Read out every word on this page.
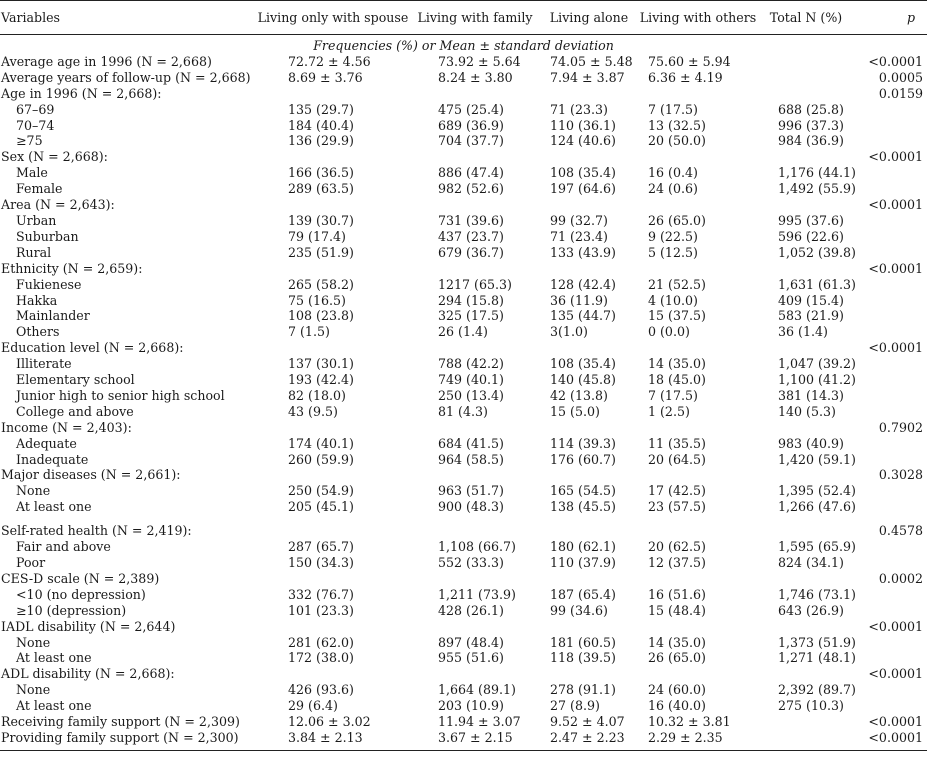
Variables	Living only with spouse	Living with family	Living alone	Living with others	Total N (%)	p
Frequencies (%) or Mean ± standard deviation						
Average age in 1996 (N = 2,668)	72.72 ± 4.56	73.92 ± 5.64	74.05 ± 5.48	75.60 ± 5.94		<0.0001
Average years of follow-up (N = 2,668)	8.69 ± 3.76	8.24 ± 3.80	7.94 ± 3.87	6.36 ± 4.19		0.0005
Age in 1996 (N = 2,668):						0.0159
67–69	135 (29.7)	475 (25.4)	71 (23.3)	7 (17.5)	688 (25.8)	
70–74	184 (40.4)	689 (36.9)	110 (36.1)	13 (32.5)	996 (37.3)	
≥75	136 (29.9)	704 (37.7)	124 (40.6)	20 (50.0)	984 (36.9)	
Sex (N = 2,668):						<0.0001
Male	166 (36.5)	886 (47.4)	108 (35.4)	16 (0.4)	1,176 (44.1)	
Female	289 (63.5)	982 (52.6)	197 (64.6)	24 (0.6)	1,492 (55.9)	
Area (N = 2,643):						<0.0001
Urban	139 (30.7)	731 (39.6)	99 (32.7)	26 (65.0)	995 (37.6)	
Suburban	79 (17.4)	437 (23.7)	71 (23.4)	9 (22.5)	596 (22.6)	
Rural	235 (51.9)	679 (36.7)	133 (43.9)	5 (12.5)	1,052 (39.8)	
Ethnicity (N = 2,659):						<0.0001
Fukienese	265 (58.2)	1217 (65.3)	128 (42.4)	21 (52.5)	1,631 (61.3)	
Hakka	75 (16.5)	294 (15.8)	36 (11.9)	4 (10.0)	409 (15.4)	
Mainlander	108 (23.8)	325 (17.5)	135 (44.7)	15 (37.5)	583 (21.9)	
Others	7 (1.5)	26 (1.4)	3(1.0)	0 (0.0)	36 (1.4)	
Education level (N = 2,668):						<0.0001
Illiterate	137 (30.1)	788 (42.2)	108 (35.4)	14 (35.0)	1,047 (39.2)	
Elementary school	193 (42.4)	749 (40.1)	140 (45.8)	18 (45.0)	1,100 (41.2)	
Junior high to senior high school	82 (18.0)	250 (13.4)	42 (13.8)	7 (17.5)	381 (14.3)	
College and above	43 (9.5)	81 (4.3)	15 (5.0)	1 (2.5)	140 (5.3)	
Income (N = 2,403):						0.7902
Adequate	174 (40.1)	684 (41.5)	114 (39.3)	11 (35.5)	983 (40.9)	
Inadequate	260 (59.9)	964 (58.5)	176 (60.7)	20 (64.5)	1,420 (59.1)	
Major diseases (N = 2,661):						0.3028
None	250 (54.9)	963 (51.7)	165 (54.5)	17 (42.5)	1,395 (52.4)	
At least one	205 (45.1)	900 (48.3)	138 (45.5)	23 (57.5)	1,266 (47.6)	
Self-rated health (N = 2,419):						0.4578
Fair and above	287 (65.7)	1,108 (66.7)	180 (62.1)	20 (62.5)	1,595 (65.9)	
Poor	150 (34.3)	552 (33.3)	110 (37.9)	12 (37.5)	824 (34.1)	
CES-D scale (N = 2,389)						0.0002
<10 (no depression)	332 (76.7)	1,211 (73.9)	187 (65.4)	16 (51.6)	1,746 (73.1)	
≥10 (depression)	101 (23.3)	428 (26.1)	99 (34.6)	15 (48.4)	643 (26.9)	
IADL disability (N = 2,644)						<0.0001
None	281 (62.0)	897 (48.4)	181 (60.5)	14 (35.0)	1,373 (51.9)	
At least one	172 (38.0)	955 (51.6)	118 (39.5)	26 (65.0)	1,271 (48.1)	
ADL disability (N = 2,668):						<0.0001
None	426 (93.6)	1,664 (89.1)	278 (91.1)	24 (60.0)	2,392 (89.7)	
At least one	29 (6.4)	203 (10.9)	27 (8.9)	16 (40.0)	275 (10.3)	
Receiving family support (N = 2,309)	12.06 ± 3.02	11.94 ± 3.07	9.52 ± 4.07	10.32 ± 3.81		<0.0001
Providing family support (N = 2,300)	3.84 ± 2.13	3.67 ± 2.15	2.47 ± 2.23	2.29 ± 2.35		<0.0001
